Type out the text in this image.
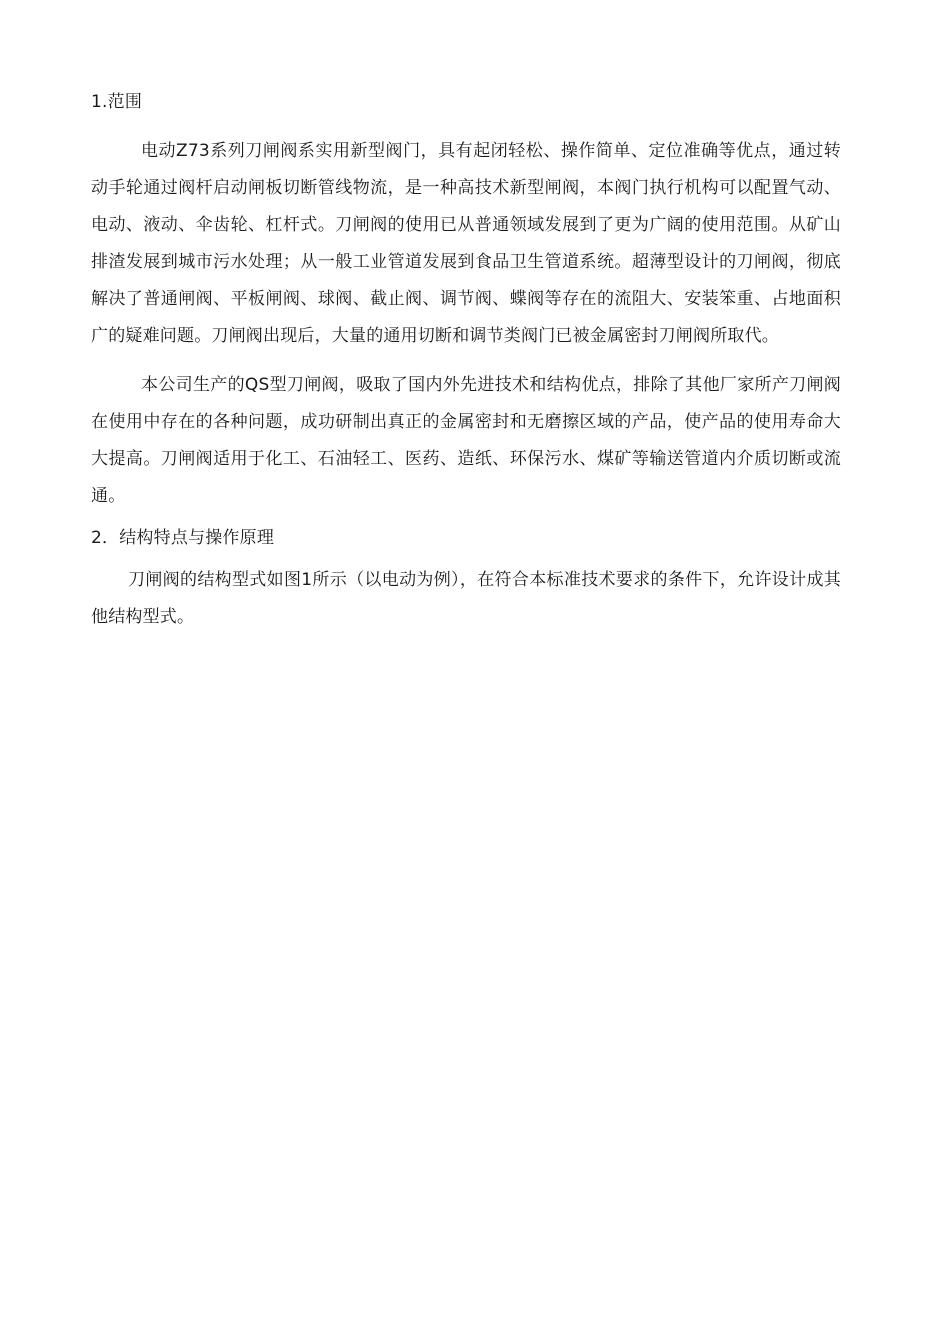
1.范围

电动Z73系列刀闸阀系实用新型阀门，具有起闭轻松、操作简单、定位准确等优点，通过转动手轮通过阀杆启动闸板切断管线物流，是一种高技术新型闸阀，本阀门执行机构可以配置气动、电动、液动、伞齿轮、杠杆式。刀闸阀的使用已从普通领域发展到了更为广阔的使用范围。从矿山排渣发展到城市污水处理；从一般工业管道发展到食品卫生管道系统。超薄型设计的刀闸阀，彻底解决了普通闸阀、平板闸阀、球阀、截止阀、调节阀、蝶阀等存在的流阻大、安装笨重、占地面积广的疑难问题。刀闸阀出现后，大量的通用切断和调节类阀门已被金属密封刀闸阀所取代。

本公司生产的QS型刀闸阀，吸取了国内外先进技术和结构优点，排除了其他厂家所产刀闸阀在使用中存在的各种问题，成功研制出真正的金属密封和无磨擦区域的产品，使产品的使用寿命大大提高。刀闸阀适用于化工、石油轻工、医药、造纸、环保污水、煤矿等输送管道内介质切断或流通。

2．结构特点与操作原理

刀闸阀的结构型式如图1所示（以电动为例），在符合本标准技术要求的条件下，允许设计成其他结构型式。
